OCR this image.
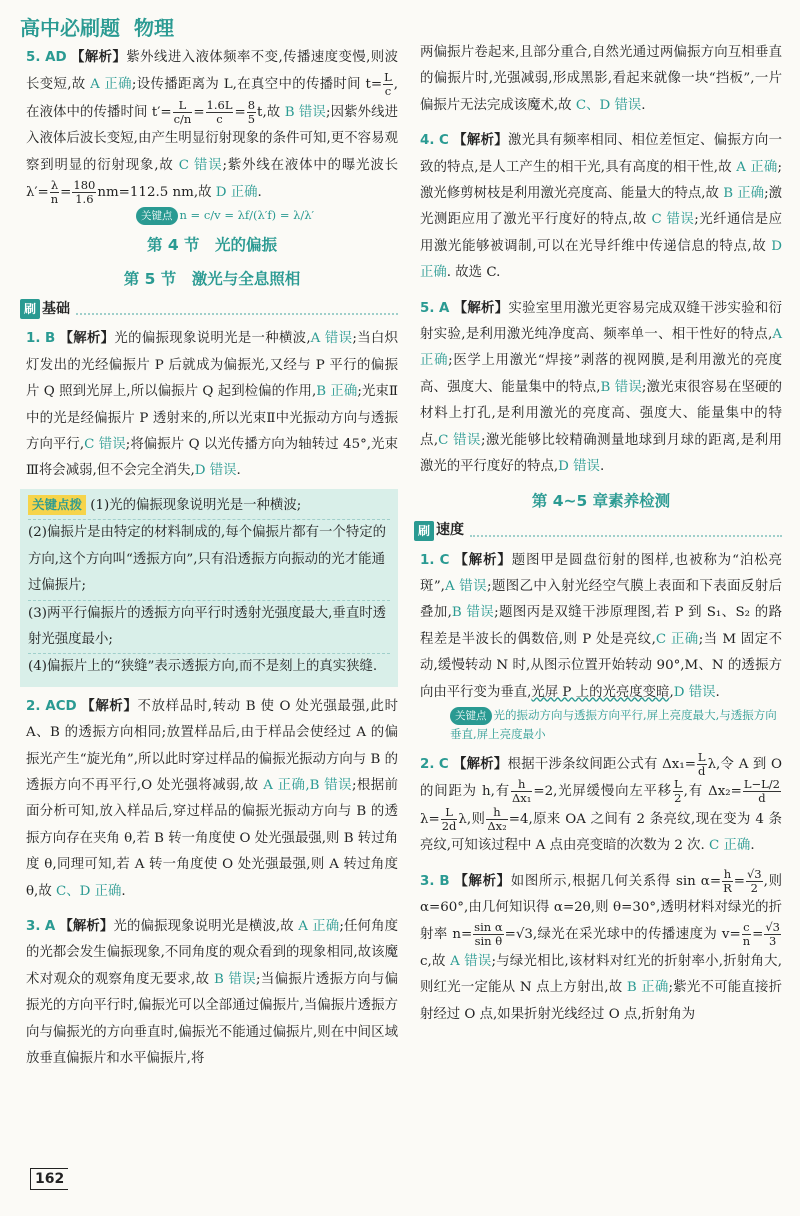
高中必刷题 物理

5. AD 【解析】紫外线进入液体频率不变,传播速度变慢,则波长变短,故 A 正确;设传播距离为 L,在真空中的传播时间 $t= \frac{L}{c}$ ,在液体中的传播时间 $t'= \frac{L}{c/n} = \frac{1.6L}{c} = \frac{8}{5} t$,故 B 错误;因紫外线进入液体后波长变短,由产生明显衍射现象的条件可知,更不容易观察到明显的衍射现象,故 C 错误;紫外线在液体中的曝光波长 $\lambda'= \frac{\lambda}{n} = \frac{180}{1.6} nm=112.5$ nm,故 D 正确.

关键点 n = c/v = λf/(λ′f) = λ/λ′
第 4 节　光的偏振
第 5 节　激光与全息照相
刷 基础

1. B 【解析】光的偏振现象说明光是一种横波,A 错误;当白炽灯发出的光经偏振片 P 后就成为偏振光,又经与 P 平行的偏振片 Q 照到光屏上,所以偏振片 Q 起到检偏的作用,B 正确;光束Ⅱ中的光是经偏振片 P 透射来的,所以光束Ⅱ中光振动方向与透振方向平行,C 错误;将偏振片 Q 以光传播方向为轴转过 45°,光束Ⅲ将会减弱,但不会完全消失,D 错误.

关键点拨 (1)光的偏振现象说明光是一种横波;

(2)偏振片是由特定的材料制成的,每个偏振片都有一个特定的方向,这个方向叫“透振方向”,只有沿透振方向振动的光才能通过偏振片;

(3)两平行偏振片的透振方向平行时透射光强度最大,垂直时透射光强度最小;

(4)偏振片上的“狭缝”表示透振方向,而不是刻上的真实狭缝.

2. ACD 【解析】不放样品时,转动 B 使 O 处光强最强,此时 A、B 的透振方向相同;放置样品后,由于样品会使经过 A 的偏振光产生“旋光角”,所以此时穿过样品的偏振光振动方向与 B 的透振方向不再平行,O 处光强将减弱,故 A 正确,B 错误;根据前面分析可知,放入样品后,穿过样品的偏振光振动方向与 B 的透振方向存在夹角 θ,若 B 转一角度使 O 处光强最强,则 B 转过角度 θ,同理可知,若 A 转一角度使 O 处光强最强,则 A 转过角度 θ,故 C、D 正确.

3. A 【解析】光的偏振现象说明光是横波,故 A 正确;任何角度的光都会发生偏振现象,不同角度的观众看到的现象相同,故该魔术对观众的观察角度无要求,故 B 错误;当偏振片透振方向与偏振光的方向平行时,偏振光可以全部通过偏振片,当偏振片透振方向与偏振光的方向垂直时,偏振光不能通过偏振片,则在中间区域放垂直偏振片和水平偏振片,将

两偏振片卷起来,且部分重合,自然光通过两偏振方向互相垂直的偏振片时,光强减弱,形成黑影,看起来就像一块“挡板”,一片偏振片无法完成该魔术,故 C、D 错误.

4. C 【解析】激光具有频率相同、相位差恒定、偏振方向一致的特点,是人工产生的相干光,具有高度的相干性,故 A 正确;激光修剪树枝是利用激光亮度高、能量大的特点,故 B 正确;激光测距应用了激光平行度好的特点,故 C 错误;光纤通信是应用激光能够被调制,可以在光导纤维中传递信息的特点,故 D 正确. 故选 C.

5. A 【解析】实验室里用激光更容易完成双缝干涉实验和衍射实验,是利用激光纯净度高、频率单一、相干性好的特点,A 正确;医学上用激光“焊接”剥落的视网膜,是利用激光的亮度高、强度大、能量集中的特点,B 错误;激光束很容易在坚硬的材料上打孔,是利用激光的亮度高、强度大、能量集中的特点,C 错误;激光能够比较精确测量地球到月球的距离,是利用激光的平行度好的特点,D 错误.

第 4~5 章素养检测
刷 速度

1. C 【解析】题图甲是圆盘衍射的图样,也被称为“泊松亮斑”,A 错误;题图乙中入射光经空气膜上表面和下表面反射后叠加,B 错误;题图丙是双缝干涉原理图,若 P 到 S₁、S₂ 的路程差是半波长的偶数倍,则 P 处是亮纹,C 正确;当 M 固定不动,缓慢转动 N 时,从图示位置开始转动 90°,M、N 的透振方向由平行变为垂直,光屏 P 上的光亮度变暗,D 错误.

关键点 光的振动方向与透振方向平行,屏上亮度最大,与透振方向垂直,屏上亮度最小

2. C 【解析】根据干涉条纹间距公式有 $\Delta x_1= \frac{L}{d} \lambda$,令 A 到 O 的间距为 h,有 $\frac{h}{\text{Δx₁}} =2$,光屏缓慢向左平移 $\frac{L}{2}$ ,有 $\Delta x_2= \frac{L-L/2}{d}$
$\lambda= \frac{L}{2d} \lambda$,则 $\frac{h}{\text{Δx₂}} =4$,原来 OA 之间有 2 条亮纹,现在变为 4 条亮纹,可知该过程中 A 点由亮变暗的次数为 2 次. C 正确.

3. B 【解析】如图所示,根据几何关系得 $\sin \alpha= \frac{h}{R} = \frac{√3}{2}$ ,则 α=60°,由几何知识得 α=2θ,则 θ=30°,透明材料对绿光的折射率 $n= \frac{\text{sin α}}{\text{sin θ}} =√3$,绿光在采光球中的传播速度为 $v= \frac{c}{n} = \frac{√3}{3}$
c,故 A 错误;与绿光相比,该材料对红光的折射率小,折射角大,则红光一定能从 N 点上方射出,故 B 正确;紫光不可能直接折射经过 O 点,如果折射光线经过 O 点,折射角为

162
